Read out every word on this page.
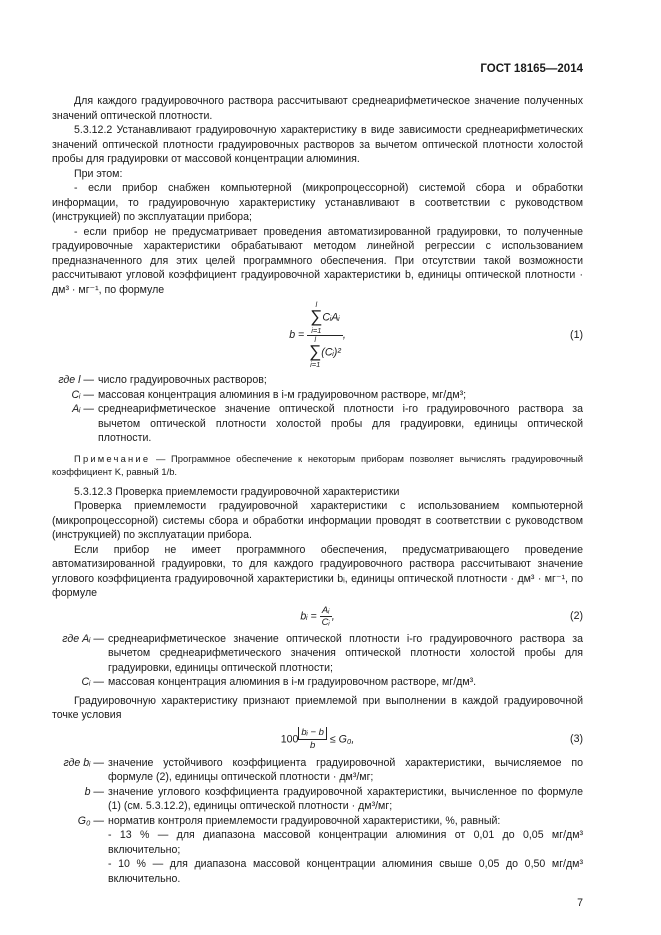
ГОСТ 18165—2014
Для каждого градуировочного раствора рассчитывают среднеарифметическое значение полученных значений оптической плотности.
5.3.12.2 Устанавливают градуировочную характеристику в виде зависимости среднеарифметических значений оптической плотности градуировочных растворов за вычетом оптической плотности холостой пробы для градуировки от массовой концентрации алюминия.
При этом:
- если прибор снабжен компьютерной (микропроцессорной) системой сбора и обработки информации, то градуировочную характеристику устанавливают в соответствии с руководством (инструкцией) по эксплуатации прибора;
- если прибор не предусматривает проведения автоматизированной градуировки, то полученные градуировочные характеристики обрабатывают методом линейной регрессии с использованием предназначенного для этих целей программного обеспечения. При отсутствии такой возможности рассчитывают угловой коэффициент градуировочной характеристики b, единицы оптической плотности · дм³ · мг⁻¹, по формуле
b = l
∑
i=1
CᵢAᵢ
l
∑
i=1
(Cᵢ)² ,	(1)
где l — число градуировочных растворов;
Cᵢ — массовая концентрация алюминия в i-м градуировочном растворе, мг/дм³;
Aᵢ — среднеарифметическое значение оптической плотности i-го градуировочного раствора за вычетом оптической плотности холостой пробы для градуировки, единицы оптической плотности.
Примечание — Программное обеспечение к некоторым приборам позволяет вычислять градуировочный коэффициент K, равный 1/b.
5.3.12.3 Проверка приемлемости градуировочной характеристики
Проверка приемлемости градуировочной характеристики с использованием компьютерной (микропроцессорной) системы сбора и обработки информации проводят в соответствии с руководством (инструкцией) по эксплуатации прибора.
Если прибор не имеет программного обеспечения, предусматривающего проведение автоматизированной градуировки, то для каждого градуировочного раствора рассчитывают значение углового коэффициента градуировочной характеристики bᵢ, единицы оптической плотности · дм³ · мг⁻¹, по формуле
bᵢ = $\frac{\text{Aᵢ}}{\text{Cᵢ}}$ ,	(2)
где Aᵢ — среднеарифметическое значение оптической плотности i-го градуировочного раствора за вычетом среднеарифметического значения оптической плотности холостой пробы для градуировки, единицы оптической плотности;
Cᵢ — массовая концентрация алюминия в i-м градуировочном растворе, мг/дм³.
Градуировочную характеристику признают приемлемой при выполнении в каждой градуировочной точке условия
$100 \frac{\text{bᵢ − b}}{b} \le G_0$,	(3)
где bᵢ — значение устойчивого коэффициента градуировочной характеристики, вычисляемое по формуле (2), единицы оптической плотности · дм³/мг;
b — значение углового коэффициента градуировочной характеристики, вычисленное по формуле (1) (см. 5.3.12.2), единицы оптической плотности · дм³/мг;
G₀ — норматив контроля приемлемости градуировочной характеристики, %, равный:
- 13 % — для диапазона массовой концентрации алюминия от 0,01 до 0,05 мг/дм³ включительно;
- 10 % — для диапазона массовой концентрации алюминия свыше 0,05 до 0,50 мг/дм³ включительно.
7
